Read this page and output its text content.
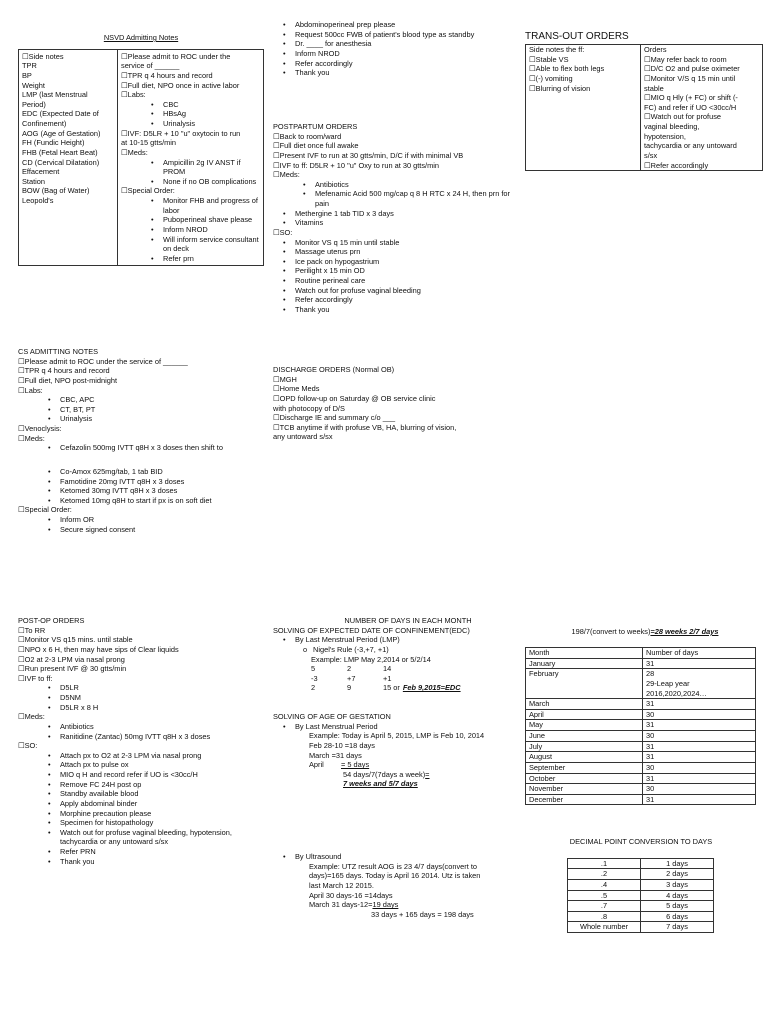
NSVD Admitting Notes
☐Side notes
TPR
BP
Weight
LMP (last Menstrual
Period)
EDC (Expected Date of
Confinement)
AOG (Age of Gestation)
FH (Fundic Height)
FHB (Fetal Heart Beat)
CD (Cervical Dilatation)
Effacement
Station
BOW (Bag of Water)
Leopold's

☐Please admit to ROC under the
service of ______
☐TPR q 4 hours and record
☐Full diet, NPO once in active labor
☐Labs:
• CBC
• HBsAg
• Urinalysis
☐IVF: D5LR + 10 "u" oxytocin to run
at 10-15 gtts/min
☐Meds:
• Ampicillin 2g IV ANST if PROM
• None if no OB complications
☐Special Order:
• Monitor FHB and progress of labor
• Puboperineal shave please
• Inform NROD
• Will inform service consultant on deck
• Refer prn
• Abdominoperineal prep please
• Request 500cc FWB of patient's blood type as standby
• Dr. ____ for anesthesia
• Inform NROD
• Refer accordingly
• Thank you
TRANS-OUT ORDERS
Side notes the ff:
☐Stable VS
☐Able to flex both legs
☐(-) vomiting
☐Blurring of vision

Orders
☐May refer back to room
☐D/C O2 and pulse oximeter
☐Monitor V/S q 15 min until
stable
☐MIO q Hly (+ FC) or shift (-
FC) and refer if UO <30cc/H
☐Watch out for profuse
vaginal bleeding,
hypotension,
tachycardia or any untoward
s/sx
☐Refer accordingly
POSTPARTUM ORDERS
☐Back to room/ward
☐Full diet once full awake
☐Present IVF to run at 30 gtts/min, D/C if with minimal VB
☐IVF to ff: D5LR + 10 "u" Oxy to run at 30 gtts/min
☐Meds:
• Antibiotics
• Mefenamic Acid 500 mg/cap q 8 H RTC x 24 H, then prn for pain
• Methergine 1 tab TID x 3 days
• Vitamins
☐SO:
• Monitor VS q 15 min until stable
• Massage uterus prn
• Ice pack on hypogastrium
• Perilight x 15 min OD
• Routine perineal care
• Watch out for profuse vaginal bleeding
• Refer accordingly
• Thank you
DISCHARGE ORDERS (Normal OB)
☐MGH
☐Home Meds
☐OPD follow-up on Saturday @ OB service clinic
with photocopy of D/S
☐Discharge IE and summary c/o ___
☐TCB anytime if with profuse VB, HA, blurring of vision,
any untoward s/sx
CS ADMITTING NOTES
☐Please admit to ROC under the service of ______
☐TPR q 4 hours and record
☐Full diet, NPO post-midnight
☐Labs:
• CBC, APC
• CT, BT, PT
• Urinalysis
☐Venoclysis:
☐Meds:
• Cefazolin 500mg IVTT q8H x 3 doses then shift to
• Co-Amox 625mg/tab, 1 tab BID
• Famotidine 20mg IVTT q8H x 3 doses
• Ketomed 30mg IVTT q8H x 3 doses
• Ketomed 10mg q8H to start if px is on soft diet
☐Special Order:
• Inform OR
• Secure signed consent
POST-OP ORDERS
☐To RR
☐Monitor VS q15 mins. until stable
☐NPO x 6 H, then may have sips of Clear liquids
☐O2 at 2-3 LPM via nasal prong
☐Run present IVF @ 30 gtts/min
☐IVF to ff:
• D5LR
• D5NM
• D5LR x 8 H
☐Meds:
• Antibiotics
• Ranitidine (Zantac) 50mg IVTT q8H x 3 doses
☐SO:
• Attach px to O2 at 2-3 LPM via nasal prong
• Attach px to pulse ox
• MIO q H and record refer if UO is <30cc/H
• Remove FC 24H post op
• Standby available blood
• Apply abdominal binder
• Morphine precaution please
• Specimen for histopathology
• Watch out for profuse vaginal bleeding, hypotension, tachycardia or any untoward s/sx
• Refer PRN
• Thank you
NUMBER OF DAYS IN EACH MONTH
SOLVING OF EXPECTED DATE OF CONFINEMENT(EDC)
• By Last Menstrual Period (LMP)
o Nigel's Rule (-3,+7, +1)
Example: LMP May 2,2014 or 5/2/14
5	2	14
-3	+7	+1
2	9	15 or Feb 9,2015=EDC
SOLVING OF AGE OF GESTATION
• By Last Menstrual Period
Example: Today is April 5, 2015, LMP is Feb 10, 2014
Feb 28-10 =18 days
March =31 days
April = 5 days
54 days/7(7days a week)=
7 weeks and 5/7 days
• By Ultrasound
Example: UTZ result AOG is 23 4/7 days(convert to
days)=165 days. Today is April 16 2014. Utz is taken
last March 12 2015.
April 30 days-16 =14days
March 31 days-12=19 days
33 days + 165 days = 198 days
198/7(convert to weeks)=28 weeks 2/7 days
Month	Number of days
January	31
February	28
29-Leap year
2016,2020,2024…
March	31
April	30
May	31
June	30
July	31
August	31
September	30
October	31
November	30
December	31
DECIMAL POINT CONVERSION TO DAYS
.1	1 days
.2	2 days
.4	3 days
.5	4 days
.7	5 days
.8	6 days
Whole number	7 days
